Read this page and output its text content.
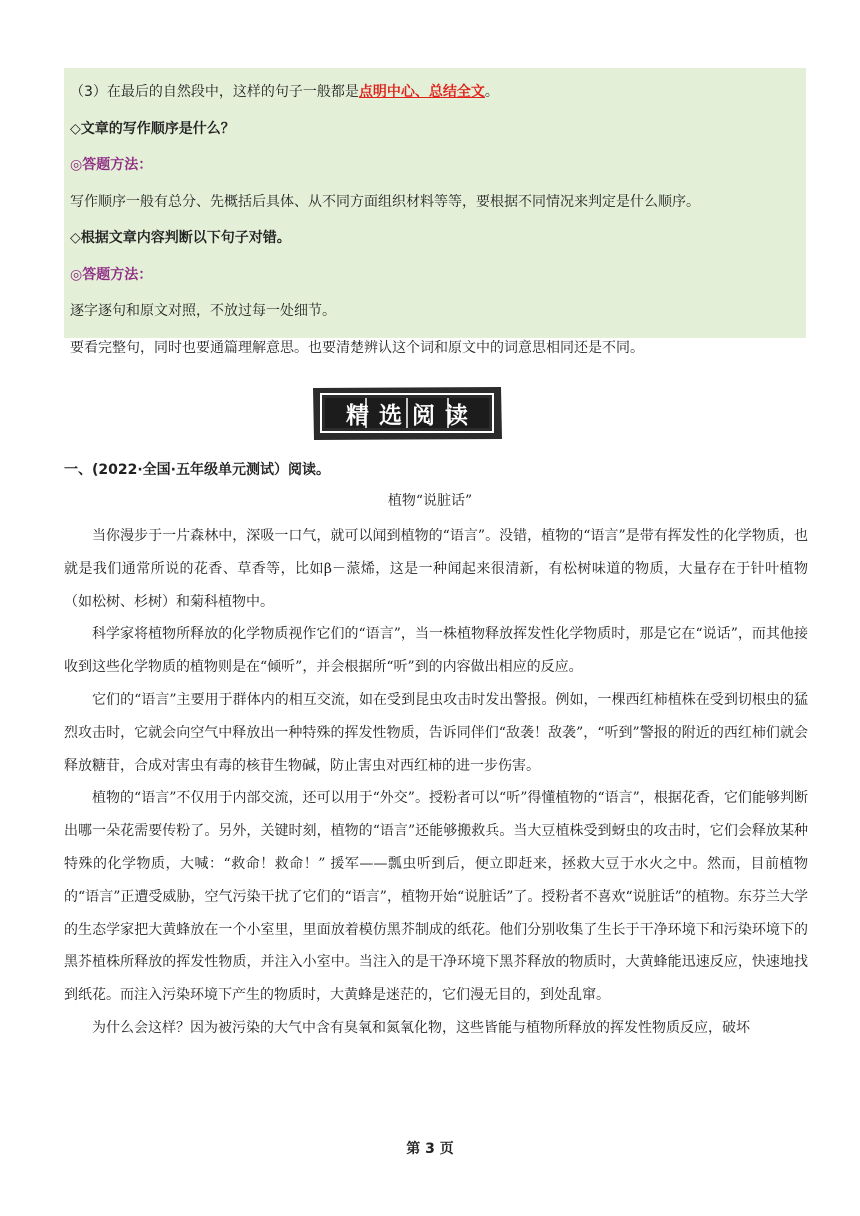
（3）在最后的自然段中，这样的句子一般都是点明中心、总结全文。
◇文章的写作顺序是什么？
◎答题方法：
写作顺序一般有总分、先概括后具体、从不同方面组织材料等等，要根据不同情况来判定是什么顺序。
◇根据文章内容判断以下句子对错。
◎答题方法：
逐字逐句和原文对照，不放过每一处细节。
要看完整句，同时也要通篇理解意思。也要清楚辨认这个词和原文中的词意思相同还是不同。
精选阅读
一、(2022·全国·五年级单元测试）阅读。
植物“说脏话”

当你漫步于一片森林中，深吸一口气，就可以闻到植物的“语言”。没错，植物的“语言”是带有挥发性的化学物质，也就是我们通常所说的花香、草香等，比如β－蒎烯，这是一种闻起来很清新，有松树味道的物质，大量存在于针叶植物（如松树、杉树）和菊科植物中。

科学家将植物所释放的化学物质视作它们的“语言”，当一株植物释放挥发性化学物质时，那是它在“说话”，而其他接收到这些化学物质的植物则是在“倾听”，并会根据所“听”到的内容做出相应的反应。

它们的“语言”主要用于群体内的相互交流，如在受到昆虫攻击时发出警报。例如，一棵西红柿植株在受到切根虫的猛烈攻击时，它就会向空气中释放出一种特殊的挥发性物质，告诉同伴们“敌袭！敌袭”，“听到”警报的附近的西红柿们就会释放糖苷，合成对害虫有毒的核苷生物碱，防止害虫对西红柿的进一步伤害。

植物的“语言”不仅用于内部交流，还可以用于“外交”。授粉者可以“听”得懂植物的“语言”，根据花香，它们能够判断出哪一朵花需要传粉了。另外，关键时刻，植物的“语言”还能够搬救兵。当大豆植株受到蚜虫的攻击时，它们会释放某种特殊的化学物质，大喊：“救命！救命！” 援军——瓢虫听到后，便立即赶来，拯救大豆于水火之中。然而，目前植物的“语言”正遭受威胁，空气污染干扰了它们的“语言”，植物开始“说脏话”了。授粉者不喜欢“说脏话”的植物。东芬兰大学的生态学家把大黄蜂放在一个小室里，里面放着模仿黑芥制成的纸花。他们分别收集了生长于干净环境下和污染环境下的黑芥植株所释放的挥发性物质，并注入小室中。当注入的是干净环境下黑芥释放的物质时，大黄蜂能迅速反应，快速地找到纸花。而注入污染环境下产生的物质时，大黄蜂是迷茫的，它们漫无目的，到处乱窜。

为什么会这样？因为被污染的大气中含有臭氧和氮氧化物，这些皆能与植物所释放的挥发性物质反应，破坏

第 3 页
